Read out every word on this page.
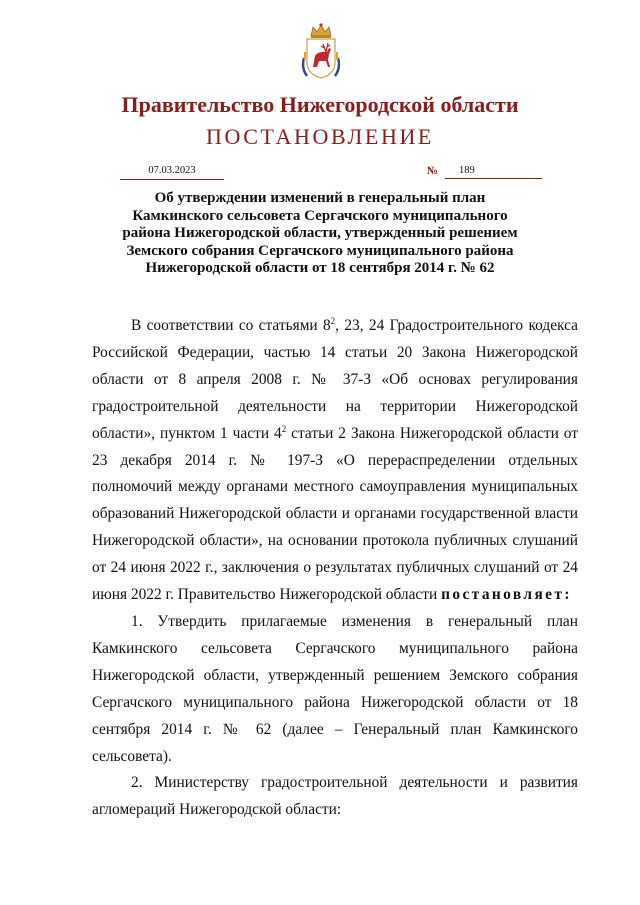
Правительство Нижегородской области
ПОСТАНОВЛЕНИЕ
07.03.2023	№	189
Об утверждении изменений в генеральный план
Камкинского сельсовета Сергачского муниципального
района Нижегородской области, утвержденный решением
Земского собрания Сергачского муниципального района
Нижегородской области от 18 сентября 2014 г. № 62

В соответствии со статьями $8^2$, 23, 24 Градостроительного кодекса Российской Федерации, частью 14 статьи 20 Закона Нижегородской области от 8 апреля 2008 г. № 37-З «Об основах регулирования градостроительной деятельности на территории Нижегородской области», пунктом 1 части $4^2$ статьи 2 Закона Нижегородской области от 23 декабря 2014 г. № 197-З «О перераспределении отдельных полномочий между органами местного самоуправления муниципальных образований Нижегородской области и органами государственной власти Нижегородской области», на основании протокола публичных слушаний от 24 июня 2022 г., заключения о результатах публичных слушаний от 24 июня 2022 г. Правительство Нижегородской области постановляет:

1. Утвердить прилагаемые изменения в генеральный план Камкинского сельсовета Сергачского муниципального района Нижегородской области, утвержденный решением Земского собрания Сергачского муниципального района Нижегородской области от 18 сентября 2014 г. № 62 (далее – Генеральный план Камкинского сельсовета).

2. Министерству градостроительной деятельности и развития агломераций Нижегородской области:
